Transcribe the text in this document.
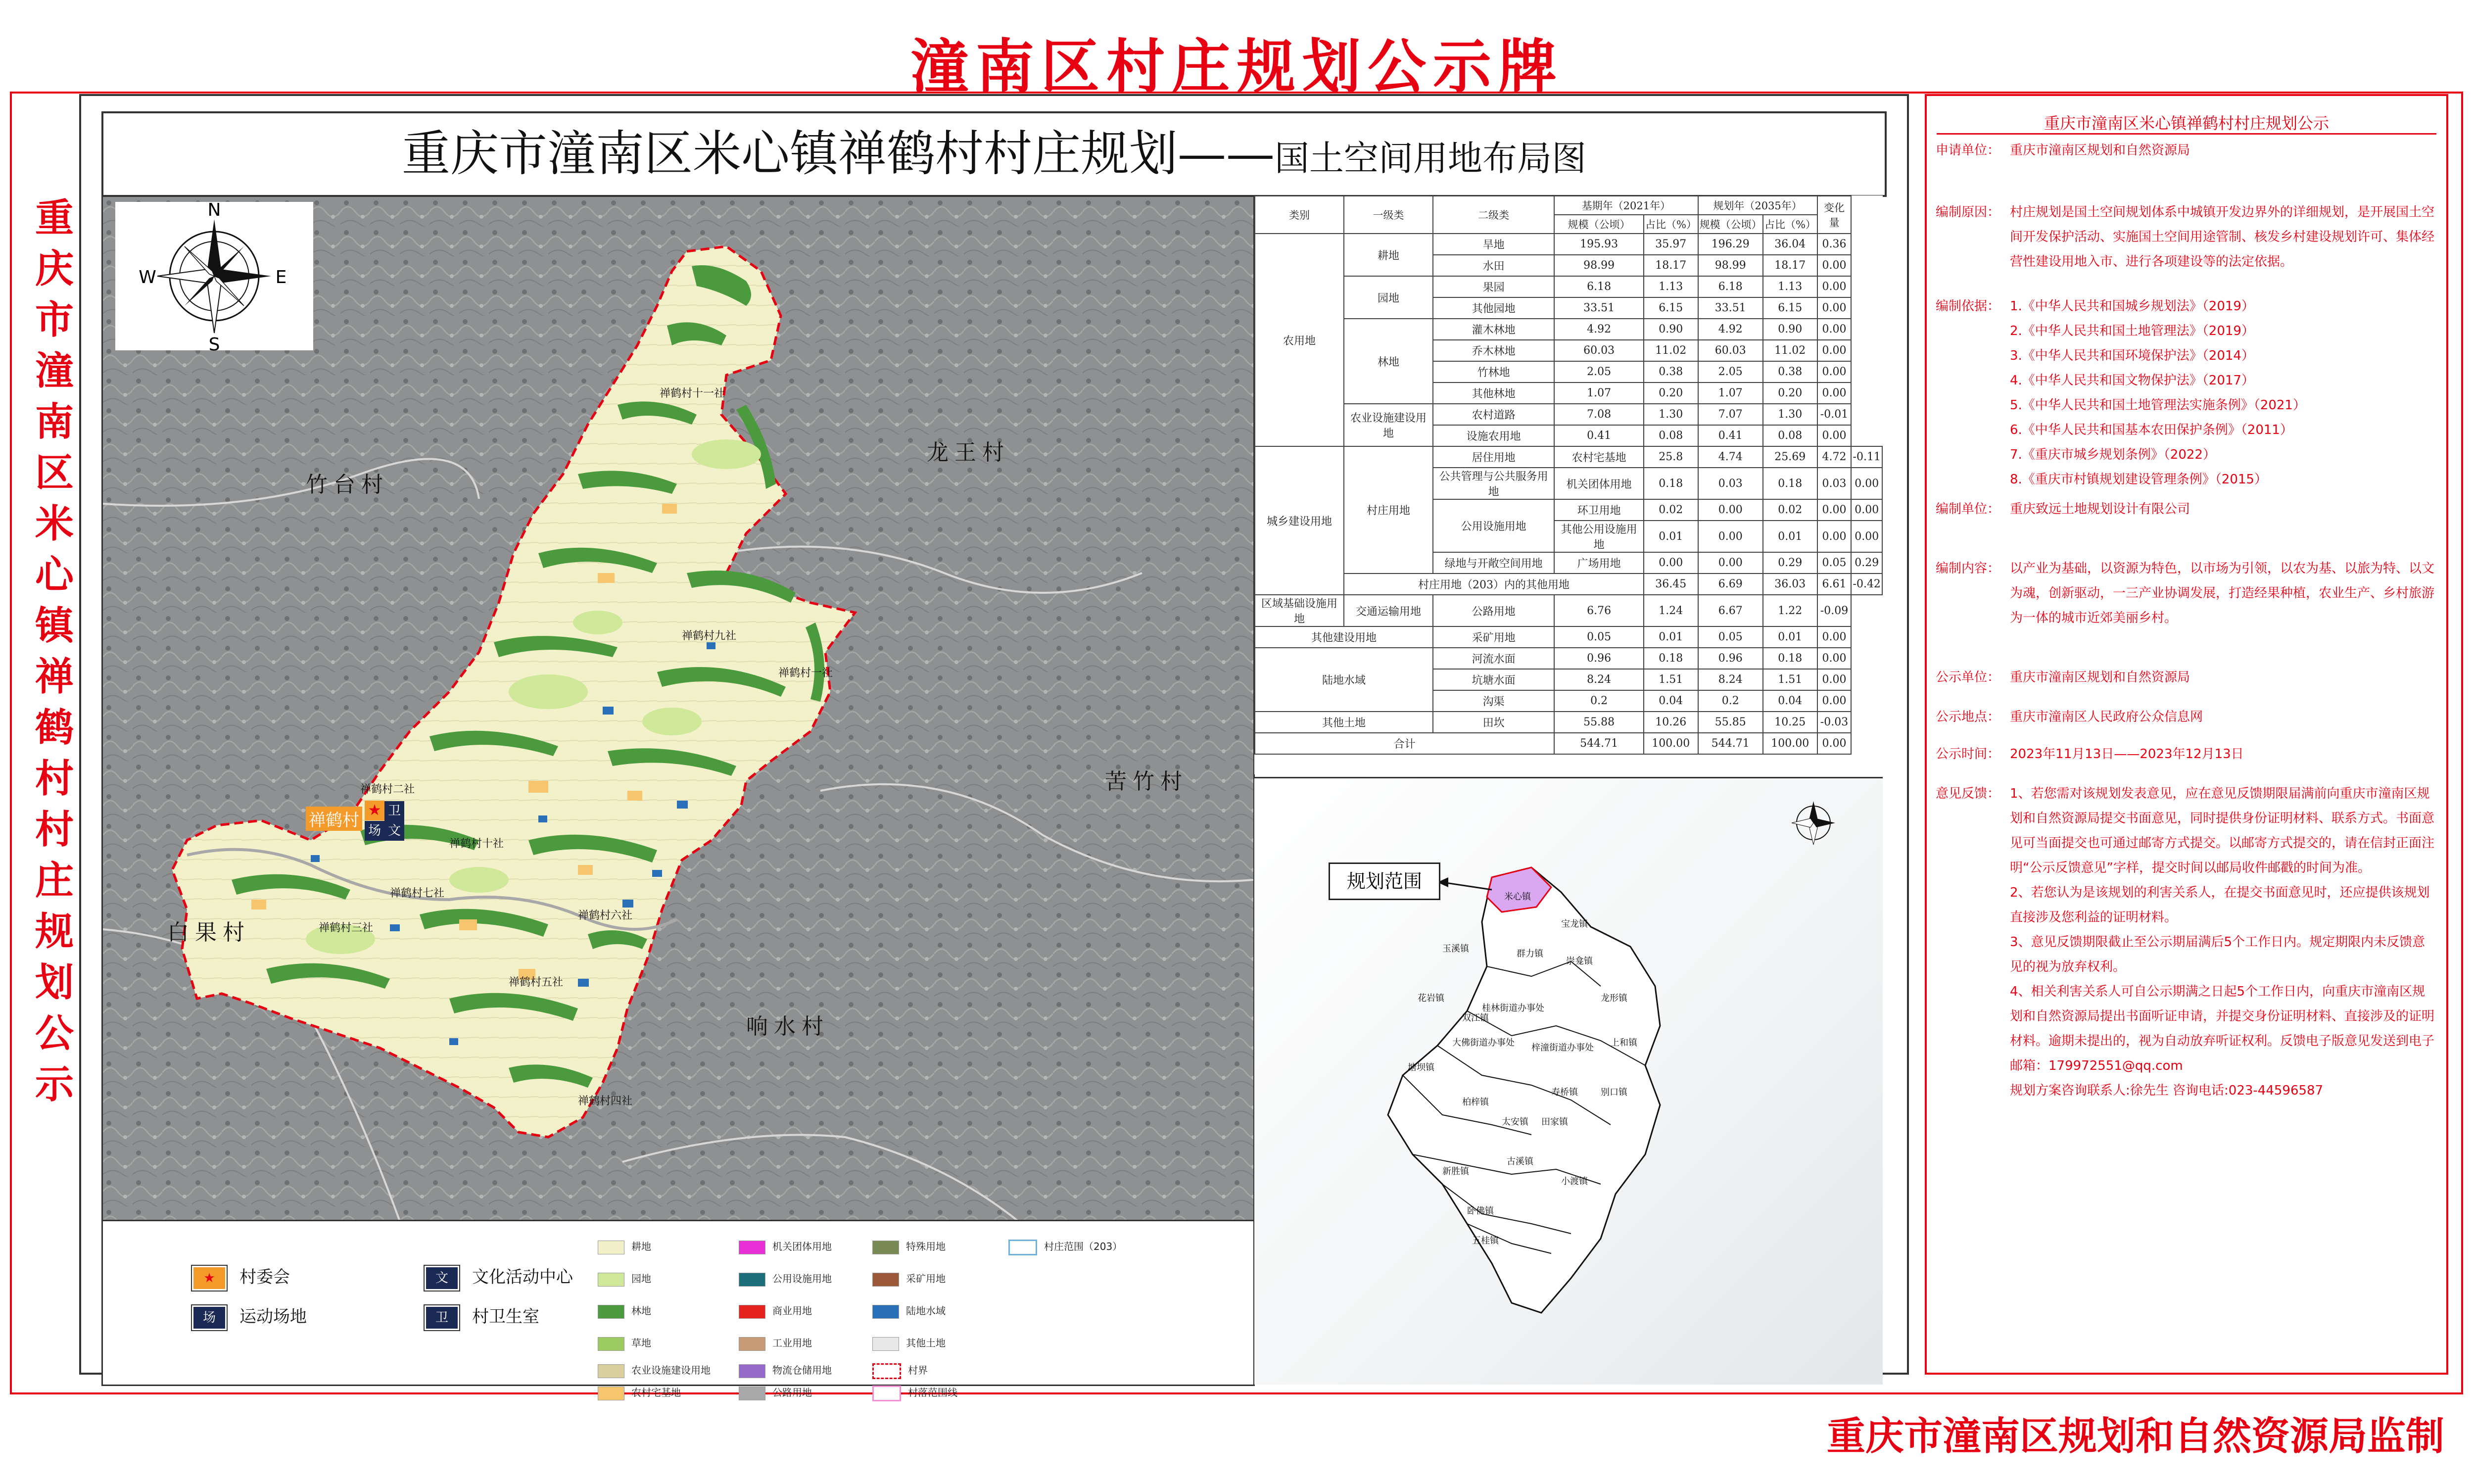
潼南区村庄规划公示牌
重庆市潼南区米心镇禅鹤村村庄规划公示
重庆市潼南区米心镇禅鹤村村庄规划——国土空间用地布局图
N
S
E
W
竹台村
龙王村
苦竹村
白果村
响水村
禅鹤村十一社
禅鹤村九社
禅鹤村一社
禅鹤村三社
禅鹤村七社
禅鹤村五社
禅鹤村六社
禅鹤村四社
禅鹤村十社
禅鹤村二社
禅鹤村 ★ 卫
场 文
★ 村委会
场 运动场地
文 文化活动中心
卫 村卫生室
耕地
园地
林地
草地
农业设施建设用地
农村宅基地
机关团体用地
公用设施用地
商业用地
工业用地
物流仓储用地
公路用地
特殊用地
采矿用地
陆地水域
其他土地
村界
村落范围线
村庄范围（203）
类别	一级类	二级类	基期年（2021年）		规划年（2035年）		变化量	
			规模（公顷）	占比（%）	规模（公顷）	占比（%）		
农用地	耕地	旱地	195.93	35.97	196.29	36.04	0.36	
		水田	98.99	18.17	98.99	18.17	0.00	
	园地	果园	6.18	1.13	6.18	1.13	0.00	
		其他园地	33.51	6.15	33.51	6.15	0.00	
	林地	灌木林地	4.92	0.90	4.92	0.90	0.00	
		乔木林地	60.03	11.02	60.03	11.02	0.00	
		竹林地	2.05	0.38	2.05	0.38	0.00	
		其他林地	1.07	0.20	1.07	0.20	0.00	
	农业设施建设用地	农村道路	7.08	1.30	7.07	1.30	-0.01	
		设施农用地	0.41	0.08	0.41	0.08	0.00	
城乡建设用地	村庄用地	居住用地	农村宅基地	25.8	4.74	25.69	4.72	-0.11
		公共管理与公共服务用地	机关团体用地	0.18	0.03	0.18	0.03	0.00
		公用设施用地	环卫用地	0.02	0.00	0.02	0.00	0.00
			其他公用设施用地	0.01	0.00	0.01	0.00	0.00
		绿地与开敞空间用地	广场用地	0.00	0.00	0.29	0.05	0.29
	村庄用地（203）内的其他用地			36.45	6.69	36.03	6.61	-0.42
区域基础设施用地	交通运输用地	公路用地	6.76	1.24	6.67	1.22	-0.09	
其他建设用地		采矿用地	0.05	0.01	0.05	0.01	0.00	
陆地水域		河流水面	0.96	0.18	0.96	0.18	0.00	
		坑塘水面	8.24	1.51	8.24	1.51	0.00	
		沟渠	0.2	0.04	0.2	0.04	0.00	
其他土地		田坎	55.88	10.26	55.85	10.25	-0.03	
合计			544.71	100.00	544.71	100.00	0.00	
规划范围
米心镇
宝龙镇
玉溪镇	群力镇
崇龛镇
龙形镇
花岩镇
桂林街道办事处
双江镇
上和镇
大佛街道办事处 梓潼街道办事处
塘坝镇
寿桥镇	别口镇
田家镇
柏梓镇
太安镇
古溪镇
新胜镇
小渡镇
卧佛镇
五桂镇
重庆市潼南区米心镇禅鹤村村庄规划公示
申请单位： 重庆市潼南区规划和自然资源局
编制原因： 村庄规划是国土空间规划体系中城镇开发边界外的详细规划，是开展国土空间开发保护活动、实施国土空间用途管制、核发乡村建设规划许可、集体经营性建设用地入市、进行各项建设等的法定依据。
编制依据： 1.《中华人民共和国城乡规划法》（2019）
2.《中华人民共和国土地管理法》（2019）
3.《中华人民共和国环境保护法》（2014）
4.《中华人民共和国文物保护法》（2017）
5.《中华人民共和国土地管理法实施条例》（2021）
6.《中华人民共和国基本农田保护条例》（2011）
7.《重庆市城乡规划条例》（2022）
8.《重庆市村镇规划建设管理条例》（2015）
编制单位： 重庆致远土地规划设计有限公司
编制内容： 以产业为基础，以资源为特色，以市场为引领，以农为基、以旅为特、以文为魂，创新驱动，一三产业协调发展，打造经果种植，农业生产、乡村旅游为一体的城市近郊美丽乡村。
公示单位： 重庆市潼南区规划和自然资源局
公示地点： 重庆市潼南区人民政府公众信息网
公示时间： 2023年11月13日——2023年12月13日
意见反馈： 1、若您需对该规划发表意见，应在意见反馈期限届满前向重庆市潼南区规划和自然资源局提交书面意见，同时提供身份证明材料、联系方式。书面意见可当面提交也可通过邮寄方式提交。以邮寄方式提交的，请在信封正面注明“公示反馈意见”字样，提交时间以邮局收件邮戳的时间为准。
2、若您认为是该规划的利害关系人，在提交书面意见时，还应提供该规划直接涉及您利益的证明材料。
3、意见反馈期限截止至公示期届满后5个工作日内。规定期限内未反馈意见的视为放弃权利。
4、相关利害关系人可自公示期满之日起5个工作日内，向重庆市潼南区规划和自然资源局提出书面听证申请，并提交身份证明材料、直接涉及的证明材料。逾期未提出的，视为自动放弃听证权利。反馈电子版意见发送到电子邮箱：179972551@qq.com
规划方案咨询联系人:徐先生 咨询电话:023-44596587
重庆市潼南区规划和自然资源局监制
